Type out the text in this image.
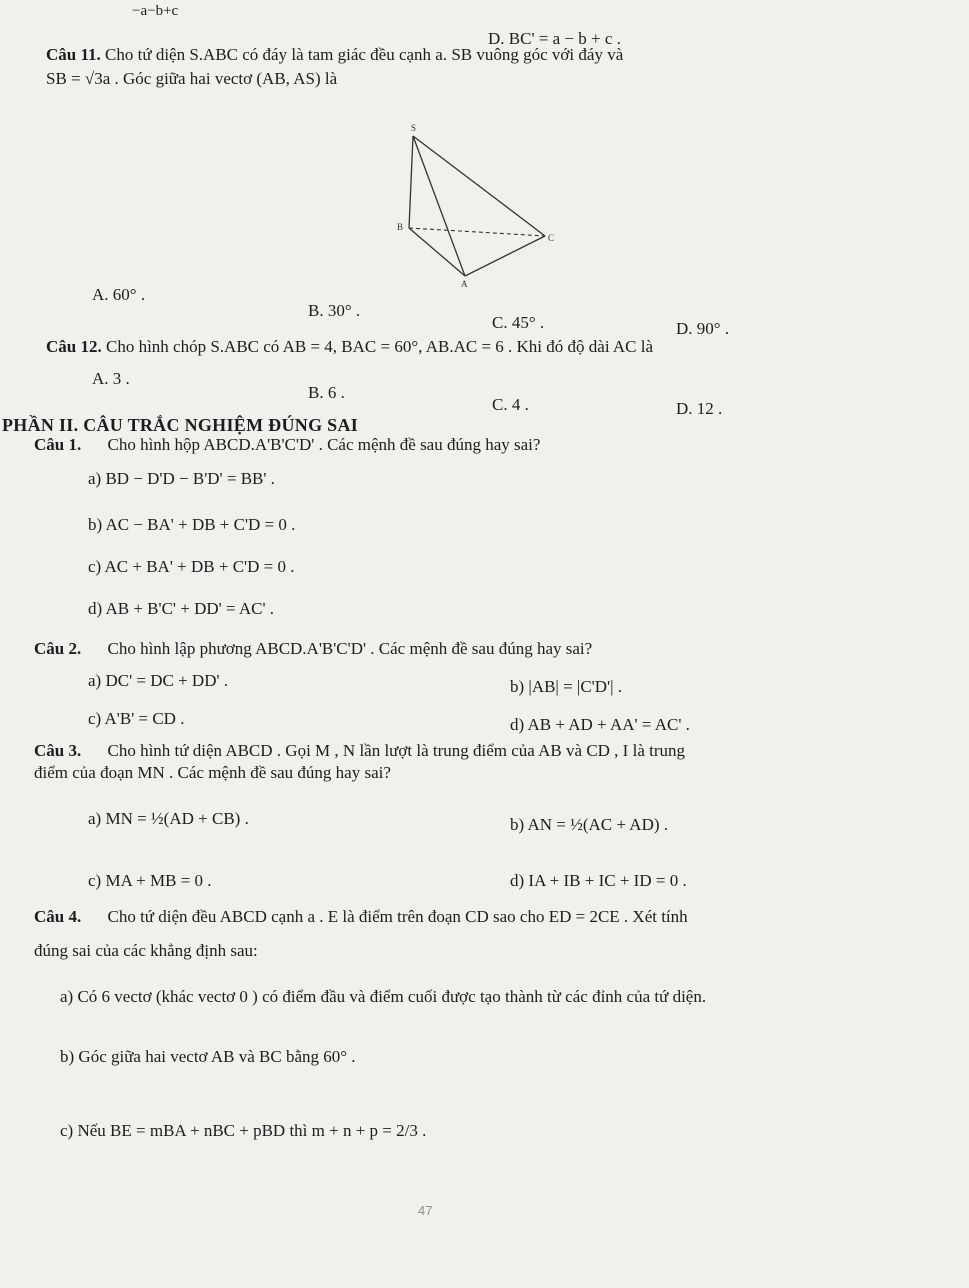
−a−b+c
D. BC' = a − b + c .
Câu 11. Cho tứ diện S.ABC có đáy là tam giác đều cạnh a. SB vuông góc với đáy và
SB = √3a . Góc giữa hai vectơ (AB, AS) là
S
B
C
A
A. 60° .
B. 30° .
C. 45° .	D. 90° .
Câu 12. Cho hình chóp S.ABC có AB = 4, BAC = 60°, AB.AC = 6 . Khi đó độ dài AC là
A. 3 .
B. 6 .
C. 4 .	D. 12 .
PHẦN II. CÂU TRẮC NGHIỆM ĐÚNG SAI
Câu 1. Cho hình hộp ABCD.A'B'C'D' . Các mệnh đề sau đúng hay sai?
a) BD − D'D − B'D' = BB' .
b) AC − BA' + DB + C'D = 0 .
c) AC + BA' + DB + C'D = 0 .
d) AB + B'C' + DD' = AC' .
Câu 2. Cho hình lập phương ABCD.A'B'C'D' . Các mệnh đề sau đúng hay sai?
a) DC' = DC + DD' .	b) |AB| = |C'D'| .
c) A'B' = CD .	d) AB + AD + AA' = AC' .
Câu 3. Cho hình tứ diện ABCD . Gọi M , N lần lượt là trung điểm của AB và CD , I là trung
điểm của đoạn MN . Các mệnh đề sau đúng hay sai?
a) MN = ½(AD + CB) .	b) AN = ½(AC + AD) .
c) MA + MB = 0 .	d) IA + IB + IC + ID = 0 .
Câu 4. Cho tứ diện đều ABCD cạnh a . E là điểm trên đoạn CD sao cho ED = 2CE . Xét tính
đúng sai của các khẳng định sau:
a) Có 6 vectơ (khác vectơ 0 ) có điểm đầu và điểm cuối được tạo thành từ các đỉnh của tứ diện.
b) Góc giữa hai vectơ AB và BC bằng 60° .
c) Nếu BE = mBA + nBC + pBD thì m + n + p = 2/3 .
47
